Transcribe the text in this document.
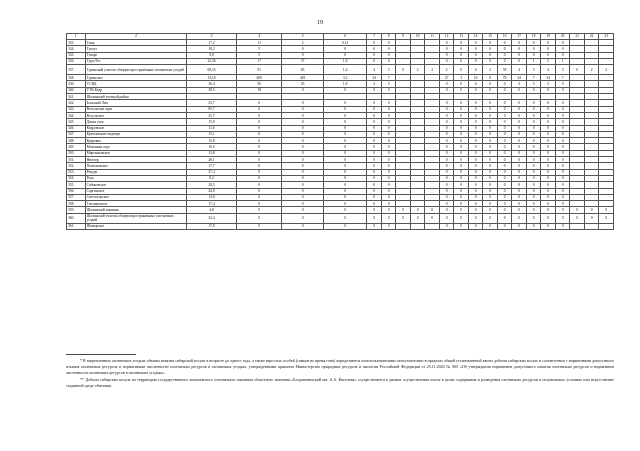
19
1	2	3	4	5	6	7	8	9	10	11	12	13	14	15	16	17	18	19	20	21	22	23
333.	Томр	17,2	11	2	0,12	0	0				0	0	0	0	0	0	0	0	0			
334.	Тунтус	18,2	5	0	0	0	0				0	0	0	0	0	0	0	0	0			
335.	Тукаре	9,8	5	0	0	0	0				0	0	0	0	0	0	0	0	0			
336.	Тура-Лес	22,36	17	37	1,8	0	0				0	0	0	0	0	0	1	5	1			
337.	Туринский участок общераспространённых охотничьих угодий	69,53	91	83	1,4	4	5	0	2	2	2	0	0	2	59	4	5	4	5	0	2	2
338.	Туринское	152,8	480	481	3,2	34	7				27	3	16	8	79	34	7	34	7			
339.	УСВД	36,4	50	55	1,8	2	5				0	0	0	0	0	2	5	2	5			
340.	УТК Кедр	38,5	18	0	0	0	0				0	0	0	0	0	0	0	0	0			
341.	Шалинский учетный район																					
342.	Больший Лип	23,7	0	0	0	0	0				0	0	0	0	0	0	0	0	0			
343.	Вогульские зори	85,7	0	0	0	0	0				0	0	0	0	0	0	0	0	0			
344.	Вогульское	25,7	0	0	0	0	0				0	0	0	0	0	0	0	0	0			
345.	Дикая утка	15,0	0	0	0	0	0				0	0	0	0	0	0	0	0	0			
346.	Кедровское	11,6	0	0	0	0	0				0	0	0	0	0	0	0	0	0			
347.	Кремлевские медведи	15,1	0	0	0	0	0				0	0	0	0	0	0	0	0	0			
348.	Куяровка	15,8	0	0	0	0	0				0	0	0	0	0	0	0	0	0			
349.	Моленная гора	10,0	0	0	0	0	0				0	0	0	0	0	0	0	0	0			
350.	Мартьяновское	13,8	0	0	0	0	0				0	0	0	0	0	0	0	0	0			
351.	Нюхтор	28,1	0	0	0	0	0				0	0	0	0	0	0	0	0	0			
352.	Платоновское	17,7	0	0	0	0	0				0	0	0	0	0	0	0	0	0			
353.	Рендер	27,4	0	0	0	0	0				0	0	0	0	0	0	0	0	0			
354.	Рода	8,2	0	0	0	0	0				0	0	0	0	0	0	0	0	0			
355.	Сабиковское	28,5	0	0	0	0	0				0	0	0	0	0	0	0	0	0			
356.	Саргинское	44,8	0	0	0	0	0				0	0	0	0	0	0	0	0	0			
357.	Светлогорское	14,8	0	0	0	0	0				0	0	0	0	0	0	0	0	0			
358.	Тепляковское	17,4	0	0	0	0	0				0	0	0	0	0	0	0	0	0			
359.	Шалинский заказник	4,8	0	0	0	0	0	0	0	0	0	0	0	0	0	0	0	0	0	0	0	0
360.	Шалинский участок общераспространённых охотничьих угодий	32,4	0	0	0	0	0	0	0	0	0	0	0	0	0	0	0	0	0	0	0	0
361.	Шамарское	17,0	0	0	0	0	0				0	0	0	0	0	0	0	0	0			

* В закрепленных охотничьих угодьях объемы изъятия сибирской косули в возрасте до одного года, а также взрослых особей (самцов во время гона) определяются охотпользователями самостоятельно в пределах общей установленной квоты добычи сибирских косуль в соответствии с нормативами допустимого изъятия охотничьих ресурсов и нормативами численности охотничьих ресурсов в охотничьих угодьях, утвержденными приказом Министерства природных ресурсов и экологии Российской Федерации от 25.11.2020 № 965 «Об утверждении нормативов допустимого изъятия охотничьих ресурсов и нормативов численности охотничьих ресурсов в охотничьих угодьях».

** Добыча сибирских косуль на территории государственного комплексного охотничьего заказника областного значения «Богдановичский им. А.А. Киселева» осуществляется в рамках осуществления охоты в целях содержания и разведения охотничьих ресурсов в полувольных условиях или искусственно созданной среде обитания.
